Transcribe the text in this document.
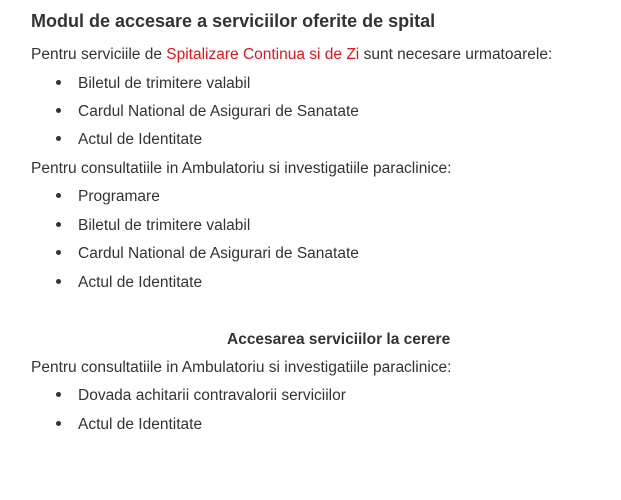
Modul de accesare a serviciilor oferite de spital
Pentru serviciile de Spitalizare Continua si de Zi sunt necesare urmatoarele:
Biletul de trimitere valabil
Cardul National de Asigurari de Sanatate
Actul de Identitate
Pentru consultatiile in Ambulatoriu si investigatiile paraclinice:
Programare
Biletul de trimitere valabil
Cardul National de Asigurari de Sanatate
Actul de Identitate
Accesarea serviciilor la cerere
Pentru consultatiile in Ambulatoriu si investigatiile paraclinice:
Dovada achitarii contravalorii serviciilor
Actul de Identitate
